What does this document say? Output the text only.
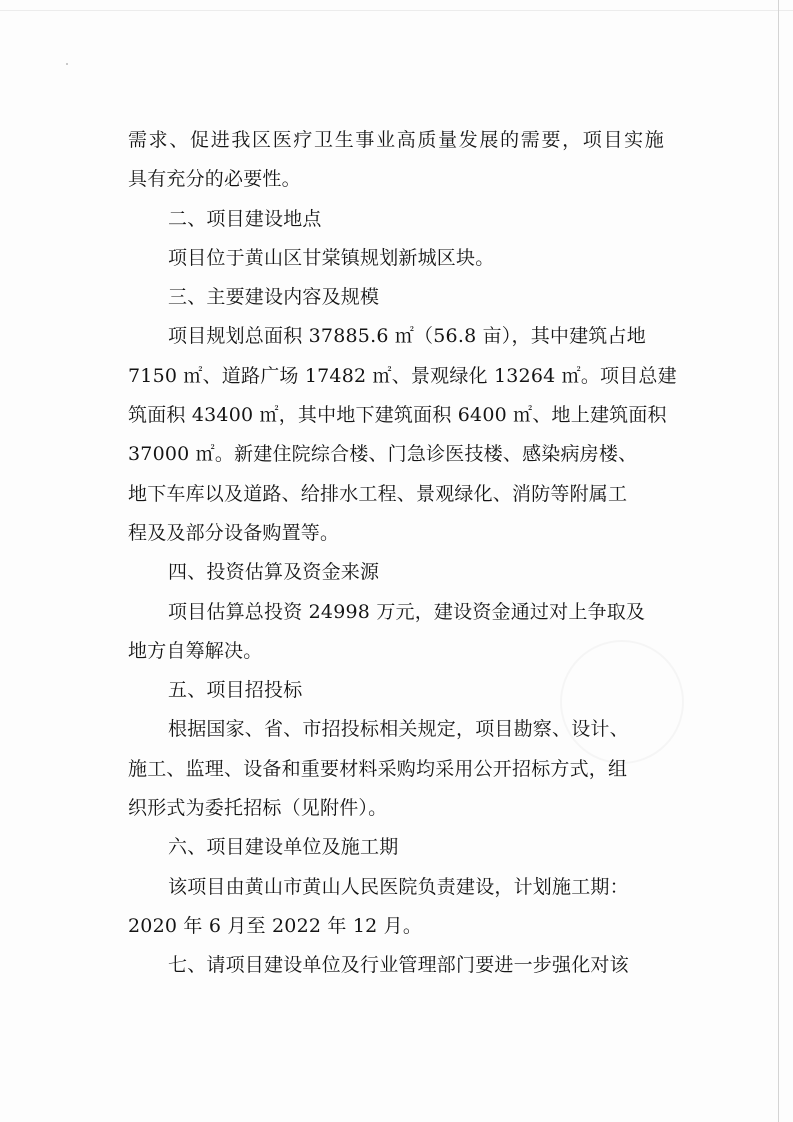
需求、促进我区医疗卫生事业高质量发展的需要，项目实施
具有充分的必要性。
二、项目建设地点
项目位于黄山区甘棠镇规划新城区块。
三、主要建设内容及规模
项目规划总面积 37885.6 ㎡（56.8 亩），其中建筑占地
7150 ㎡、道路广场 17482 ㎡、景观绿化 13264 ㎡。项目总建
筑面积 43400 ㎡，其中地下建筑面积 6400 ㎡、地上建筑面积
37000 ㎡。新建住院综合楼、门急诊医技楼、感染病房楼、
地下车库以及道路、给排水工程、景观绿化、消防等附属工
程及及部分设备购置等。
四、投资估算及资金来源
项目估算总投资 24998 万元，建设资金通过对上争取及
地方自筹解决。
五、项目招投标
根据国家、省、市招投标相关规定，项目勘察、设计、
施工、监理、设备和重要材料采购均采用公开招标方式，组
织形式为委托招标（见附件）。
六、项目建设单位及施工期
该项目由黄山市黄山人民医院负责建设，计划施工期：
2020 年 6 月至 2022 年 12 月。
七、请项目建设单位及行业管理部门要进一步强化对该
